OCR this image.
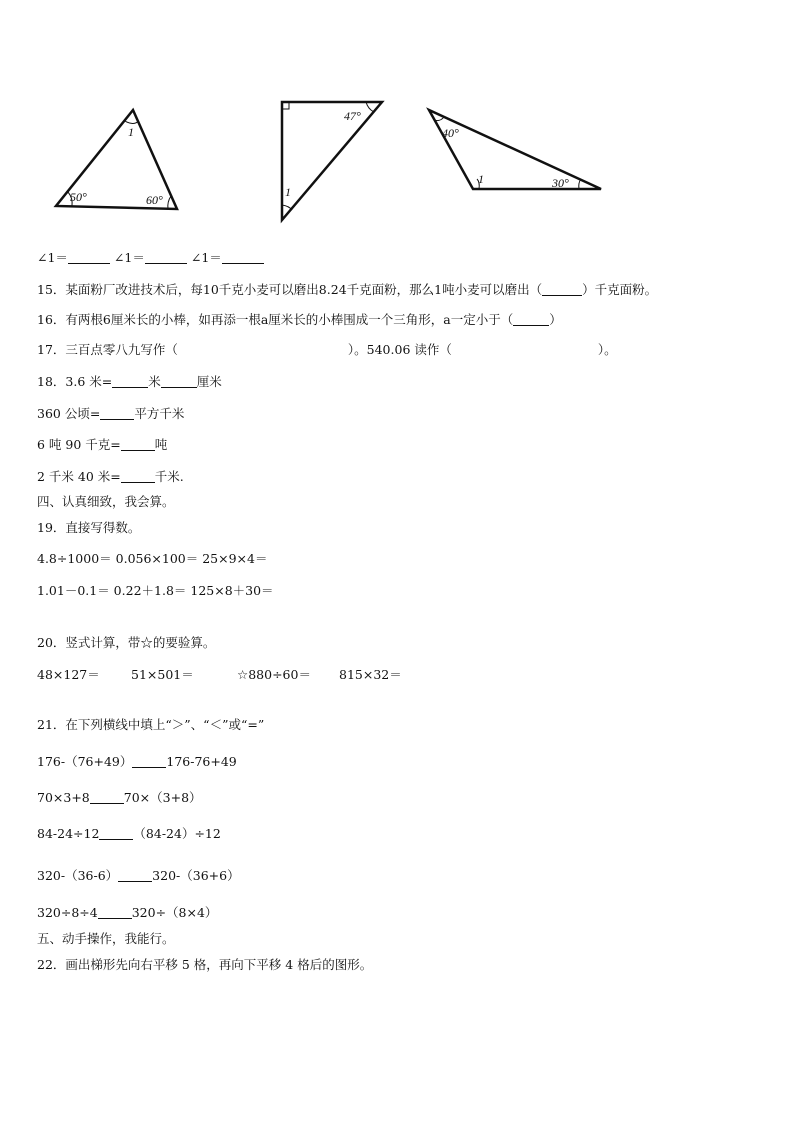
1
50°	60°
47°
1
40°
1	30°
∠1＝	∠1＝	∠1＝
15．某面粉厂改进技术后，每10千克小麦可以磨出8.24千克面粉，那么1吨小麦可以磨出（	）千克面粉。
16．有两根6厘米长的小棒，如再添一根a厘米长的小棒围成一个三角形，a一定小于（	）
17．三百点零八九写作（	）。540.06 读作（	）。
18．3.6 米=	米	厘米
360 公顷=	平方千米
6 吨 90 千克=	吨
2 千米 40 米=	千米.
四、认真细致，我会算。
19．直接写得数。
4.8÷1000＝ 0.056×100＝ 25×9×4＝
1.01－0.1＝ 0.22＋1.8＝ 125×8＋30＝
20．竖式计算，带☆的要验算。
48×127＝	51×501＝	☆880÷60＝ 815×32＝
21．在下列横线中填上“＞”、“＜”或“=”
176-（76+49）	176-76+49
70×3+8	70×（3+8）
84-24÷12	（84-24）÷12
320-（36-6）	320-（36+6）
320÷8÷4	320÷（8×4）
五、动手操作，我能行。
22．画出梯形先向右平移 5 格，再向下平移 4 格后的图形。
